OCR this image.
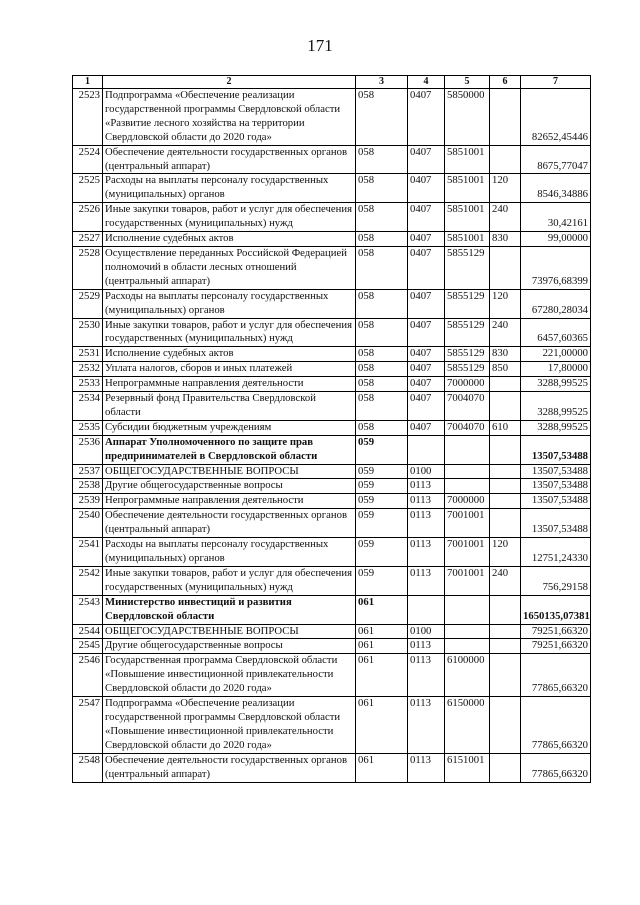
171
1	2	3	4	5	6	7
2523	Подпрограмма «Обеспечение реализации государственной программы Свердловской области «Развитие лесного хозяйства на территории Свердловской области до 2020 года»	058	0407	5850000		82652,45446
2524	Обеспечение деятельности государственных органов (центральный аппарат)	058	0407	5851001		8675,77047
2525	Расходы на выплаты персоналу государственных (муниципальных) органов	058	0407	5851001	120	8546,34886
2526	Иные закупки товаров, работ и услуг для обеспечения государственных (муниципальных) нужд	058	0407	5851001	240	30,42161
2527	Исполнение судебных актов	058	0407	5851001	830	99,00000
2528	Осуществление переданных Российской Федерацией полномочий в области лесных отношений (центральный аппарат)	058	0407	5855129		73976,68399
2529	Расходы на выплаты персоналу государственных (муниципальных) органов	058	0407	5855129	120	67280,28034
2530	Иные закупки товаров, работ и услуг для обеспечения государственных (муниципальных) нужд	058	0407	5855129	240	6457,60365
2531	Исполнение судебных актов	058	0407	5855129	830	221,00000
2532	Уплата налогов, сборов и иных платежей	058	0407	5855129	850	17,80000
2533	Непрограммные направления деятельности	058	0407	7000000		3288,99525
2534	Резервный фонд Правительства Свердловской области	058	0407	7004070		3288,99525
2535	Субсидии бюджетным учреждениям	058	0407	7004070	610	3288,99525
2536	Аппарат Уполномоченного по защите прав предпринимателей в Свердловской области	059				13507,53488
2537	ОБЩЕГОСУДАРСТВЕННЫЕ ВОПРОСЫ	059	0100			13507,53488
2538	Другие общегосударственные вопросы	059	0113			13507,53488
2539	Непрограммные направления деятельности	059	0113	7000000		13507,53488
2540	Обеспечение деятельности государственных органов (центральный аппарат)	059	0113	7001001		13507,53488
2541	Расходы на выплаты персоналу государственных (муниципальных) органов	059	0113	7001001	120	12751,24330
2542	Иные закупки товаров, работ и услуг для обеспечения государственных (муниципальных) нужд	059	0113	7001001	240	756,29158
2543	Министерство инвестиций и развития Свердловской области	061				1650135,07381
2544	ОБЩЕГОСУДАРСТВЕННЫЕ ВОПРОСЫ	061	0100			79251,66320
2545	Другие общегосударственные вопросы	061	0113			79251,66320
2546	Государственная программа Свердловской области «Повышение инвестиционной привлекательности Свердловской области до 2020 года»	061	0113	6100000		77865,66320
2547	Подпрограмма «Обеспечение реализации государственной программы Свердловской области «Повышение инвестиционной привлекательности Свердловской области до 2020 года»	061	0113	6150000		77865,66320
2548	Обеспечение деятельности государственных органов (центральный аппарат)	061	0113	6151001		77865,66320
